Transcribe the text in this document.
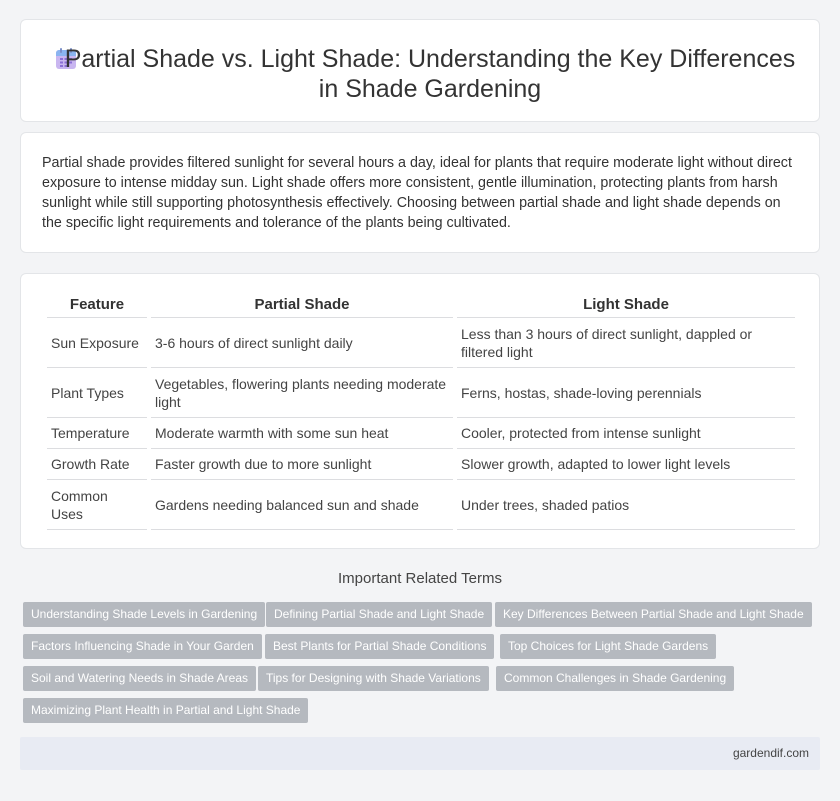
Partial Shade vs. Light Shade: Understanding the Key Differences in Shade Gardening

Partial shade provides filtered sunlight for several hours a day, ideal for plants that require moderate light without direct exposure to intense midday sun. Light shade offers more consistent, gentle illumination, protecting plants from harsh sunlight while still supporting photosynthesis effectively. Choosing between partial shade and light shade depends on the specific light requirements and tolerance of the plants being cultivated.

Feature	Partial Shade	Light Shade
Sun Exposure	3-6 hours of direct sunlight daily	Less than 3 hours of direct sunlight, dappled or filtered light
Plant Types	Vegetables, flowering plants needing moderate light	Ferns, hostas, shade-loving perennials
Temperature	Moderate warmth with some sun heat	Cooler, protected from intense sunlight
Growth Rate	Faster growth due to more sunlight	Slower growth, adapted to lower light levels
Common Uses	Gardens needing balanced sun and shade	Under trees, shaded patios
Important Related Terms
Understanding Shade Levels in Gardening	Defining Partial Shade and Light Shade	Key Differences Between Partial Shade and Light Shade
Factors Influencing Shade in Your Garden	Best Plants for Partial Shade Conditions	Top Choices for Light Shade Gardens
Soil and Watering Needs in Shade Areas	Tips for Designing with Shade Variations	Common Challenges in Shade Gardening
Maximizing Plant Health in Partial and Light Shade
gardendif.com
